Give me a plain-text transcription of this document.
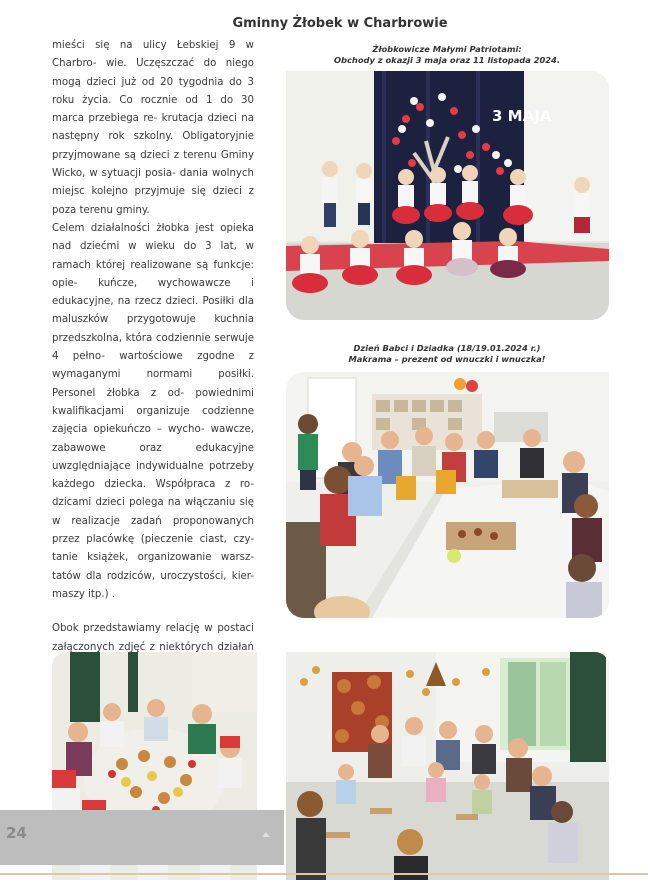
Gminny Żłobek w Charbrowie

mieści się na ulicy Łebskiej 9 w Charbro- wie. Uczęszczać do niego mogą dzieci już od 20 tygodnia do 3 roku życia. Co rocznie od 1 do 30 marca przebiega re- krutacja dzieci na następny rok szkolny. Obligatoryjnie przyjmowane są dzieci z terenu Gminy Wicko, w sytuacji posia- dania wolnych miejsc kolejno przyjmuje się dzieci z poza terenu gminy.

Celem działalności żłobka jest opieka nad dziećmi w wieku do 3 lat, w ramach której realizowane są funkcje: opie- kuńcze, wychowawcze i edukacyjne, na rzecz dzieci. Posiłki dla maluszków przygotowuje kuchnia przedszkolna, która codziennie serwuje 4 pełno- wartościowe zgodne z wymaganymi	normami posiłki. Personel żłobka z od- powiednimi kwalifikacjami organizuje codzienne zajęcia opiekuńczo – wycho- wawcze, zabawowe oraz edukacyjne uwzględniające indywidualne potrzeby każdego dziecka. Współpraca z ro- dzicami dzieci polega na włączaniu się w realizacje zadań proponowanych przez placówkę (pieczenie ciast, czy- tanie książek, organizowanie warsz- tatów dla rodziców, uroczystości, kier- maszy itp.) .

Obok przedstawiamy relację w postaci załączonych zdjęć z niektórych działań

Żłobkowicze Małymi Patriotami:
Obchody z okazji 3 maja oraz 11 listopada 2024.
3 MAJA
Dzień Babci i Dziadka (18/19.01.2024 r.)
Makrama – prezent od wnuczki i wnuczka!
24
